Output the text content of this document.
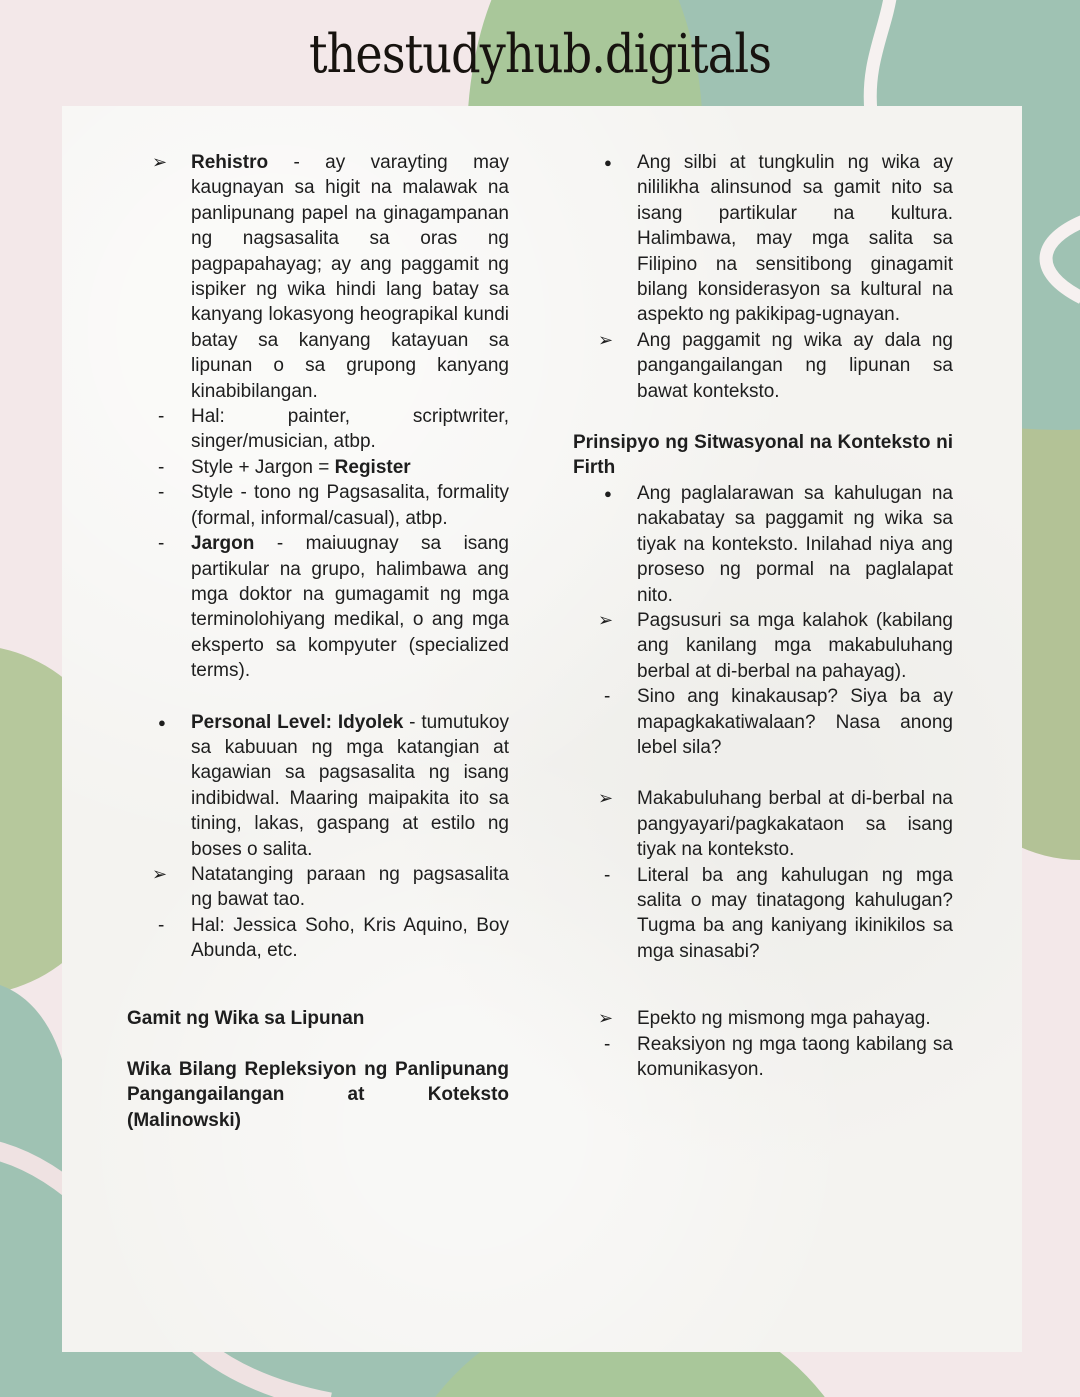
thestudyhub.digitals
➢ Rehistro - ay varayting may kaugnayan sa higit na malawak na panlipunang papel na ginagampanan ng nagsasalita sa oras ng pagpapahayag; ay ang paggamit ng ispiker ng wika hindi lang batay sa kanyang lokasyong heograpikal kundi batay sa kanyang katayuan sa lipunan o sa grupong kanyang kinabibilangan.
- Hal: painter, scriptwriter, singer/musician, atbp.
- Style + Jargon = Register
- Style - tono ng Pagsasalita, formality (formal, informal/casual), atbp.
- Jargon - maiuugnay sa isang partikular na grupo, halimbawa ang mga doktor na gumagamit ng mga terminolohiyang medikal, o ang mga eksperto sa kompyuter (specialized terms).
● Personal Level: Idyolek - tumutukoy sa kabuuan ng mga katangian at kagawian sa pagsasalita ng isang indibidwal. Maaring maipakita ito sa tining, lakas, gaspang at estilo ng boses o salita.
➢ Natatanging paraan ng pagsasalita ng bawat tao.
- Hal: Jessica Soho, Kris Aquino, Boy Abunda, etc.
Gamit ng Wika sa Lipunan
Wika Bilang Repleksiyon ng Panlipunang Pangangailangan at Koteksto (Malinowski)
● Ang silbi at tungkulin ng wika ay nililikha alinsunod sa gamit nito sa isang partikular na kultura. Halimbawa, may mga salita sa Filipino na sensitibong ginagamit bilang konsiderasyon sa kultural na aspekto ng pakikipag-ugnayan.
➢ Ang paggamit ng wika ay dala ng pangangailangan ng lipunan sa bawat konteksto.
Prinsipyo ng Sitwasyonal na Konteksto ni Firth
● Ang paglalarawan sa kahulugan na nakabatay sa paggamit ng wika sa tiyak na konteksto. Inilahad niya ang proseso ng pormal na paglalapat nito.
➢ Pagsusuri sa mga kalahok (kabilang ang kanilang mga makabuluhang berbal at di-berbal na pahayag).
- Sino ang kinakausap? Siya ba ay mapagkakatiwalaan? Nasa anong lebel sila?
➢ Makabuluhang berbal at di-berbal na pangyayari/pagkakataon sa isang tiyak na konteksto.
- Literal ba ang kahulugan ng mga salita o may tinatagong kahulugan? Tugma ba ang kaniyang ikinikilos sa mga sinasabi?
➢ Epekto ng mismong mga pahayag.
- Reaksiyon ng mga taong kabilang sa komunikasyon.
